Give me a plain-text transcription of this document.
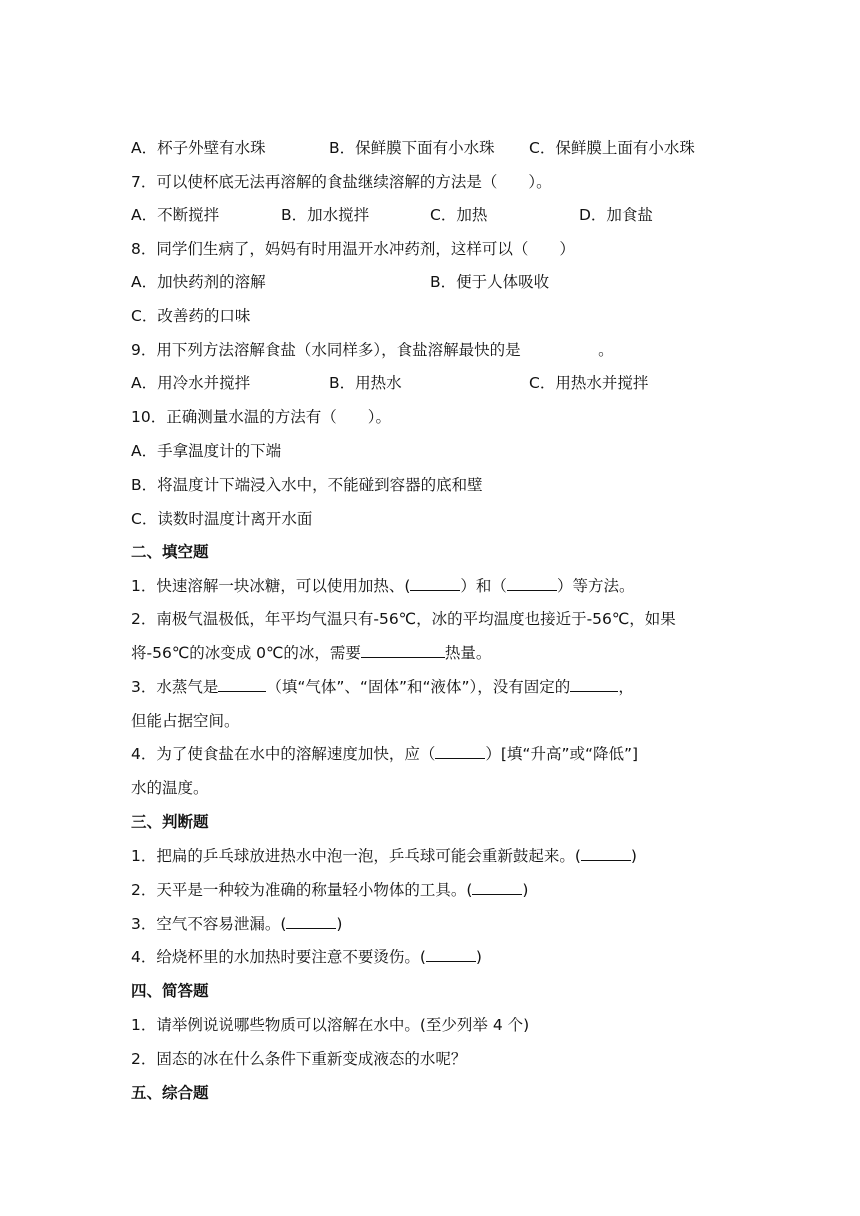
A．杯子外壁有水珠	B．保鲜膜下面有小水珠 C．保鲜膜上面有小水珠
7．可以使杯底无法再溶解的食盐继续溶解的方法是（　　）。
A．不断搅拌	B．加水搅拌	C．加热	D．加食盐
8．同学们生病了，妈妈有时用温开水冲药剂，这样可以（　　）
A．加快药剂的溶解	B．便于人体吸收
C．改善药的口味
9．用下列方法溶解食盐（水同样多），食盐溶解最快的是　　　　　。
A．用冷水并搅拌	B．用热水	C．用热水并搅拌
10．正确测量水温的方法有（　　）。
A．手拿温度计的下端
B．将温度计下端浸入水中，不能碰到容器的底和壁
C．读数时温度计离开水面
二、填空题
1．快速溶解一块冰糖，可以使用加热、(	）和（	）等方法。
2．南极气温极低，年平均气温只有-56℃，冰的平均温度也接近于-56℃，如果
将-56℃的冰变成 0℃的冰，需要	热量。
3．水蒸气是	（填“气体”、“固体”和“液体”），没有固定的	，
但能占据空间。
4．为了使食盐在水中的溶解速度加快，应（	）[填“升高”或“降低”]
水的温度。
三、判断题
1．把扁的乒乓球放进热水中泡一泡，乒乓球可能会重新鼓起来。(	)
2．天平是一种较为准确的称量轻小物体的工具。(	)
3．空气不容易泄漏。(	)
4．给烧杯里的水加热时要注意不要烫伤。(	)
四、简答题
1．请举例说说哪些物质可以溶解在水中。(至少列举 4 个)
2．固态的冰在什么条件下重新变成液态的水呢？
五、综合题
